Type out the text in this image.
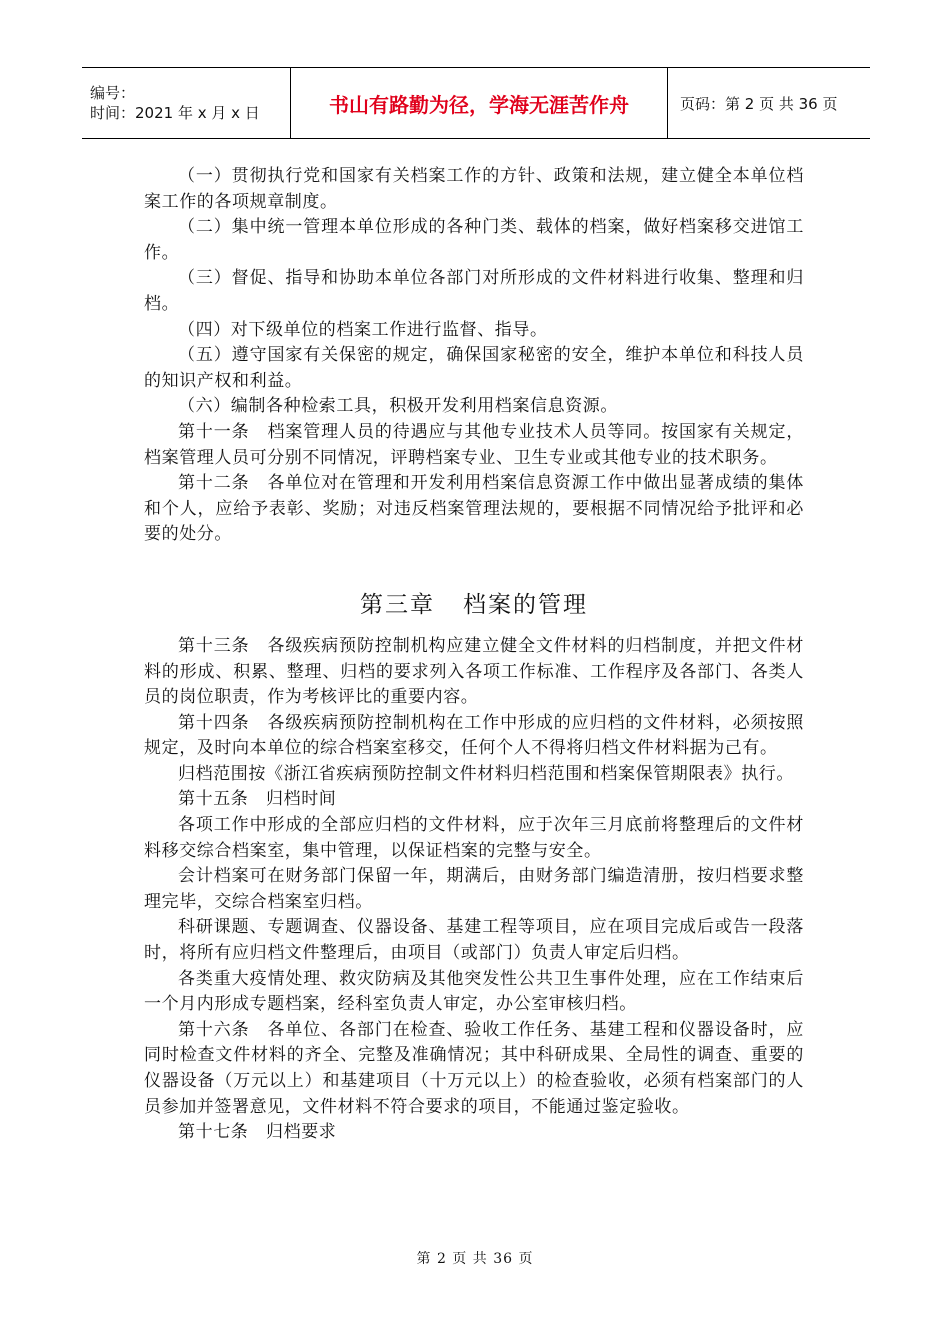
编号：
时间：2021 年 x 月 x 日	书山有路勤为径，学海无涯苦作舟	页码：第 2 页 共 36 页

（一）贯彻执行党和国家有关档案工作的方针、政策和法规，建立健全本单位档案工作的各项规章制度。

（二）集中统一管理本单位形成的各种门类、载体的档案，做好档案移交进馆工作。

（三）督促、指导和协助本单位各部门对所形成的文件材料进行收集、整理和归档。

（四）对下级单位的档案工作进行监督、指导。

（五）遵守国家有关保密的规定，确保国家秘密的安全，维护本单位和科技人员的知识产权和利益。

（六）编制各种检索工具，积极开发利用档案信息资源。

第十一条　档案管理人员的待遇应与其他专业技术人员等同。按国家有关规定，档案管理人员可分别不同情况，评聘档案专业、卫生专业或其他专业的技术职务。

第十二条　各单位对在管理和开发利用档案信息资源工作中做出显著成绩的集体和个人，应给予表彰、奖励；对违反档案管理法规的，要根据不同情况给予批评和必要的处分。

第三章 档案的管理

第十三条　各级疾病预防控制机构应建立健全文件材料的归档制度，并把文件材料的形成、积累、整理、归档的要求列入各项工作标准、工作程序及各部门、各类人员的岗位职责，作为考核评比的重要内容。

第十四条　各级疾病预防控制机构在工作中形成的应归档的文件材料，必须按照规定，及时向本单位的综合档案室移交，任何个人不得将归档文件材料据为己有。

归档范围按《浙江省疾病预防控制文件材料归档范围和档案保管期限表》执行。

第十五条　归档时间

各项工作中形成的全部应归档的文件材料，应于次年三月底前将整理后的文件材料移交综合档案室，集中管理，以保证档案的完整与安全。

会计档案可在财务部门保留一年，期满后，由财务部门编造清册，按归档要求整理完毕，交综合档案室归档。

科研课题、专题调查、仪器设备、基建工程等项目，应在项目完成后或告一段落时，将所有应归档文件整理后，由项目（或部门）负责人审定后归档。

各类重大疫情处理、救灾防病及其他突发性公共卫生事件处理，应在工作结束后一个月内形成专题档案，经科室负责人审定，办公室审核归档。

第十六条　各单位、各部门在检查、验收工作任务、基建工程和仪器设备时，应同时检查文件材料的齐全、完整及准确情况；其中科研成果、全局性的调查、重要的仪器设备（万元以上）和基建项目（十万元以上）的检查验收，必须有档案部门的人员参加并签署意见，文件材料不符合要求的项目，不能通过鉴定验收。

第十七条　归档要求

第 2 页 共 36 页
